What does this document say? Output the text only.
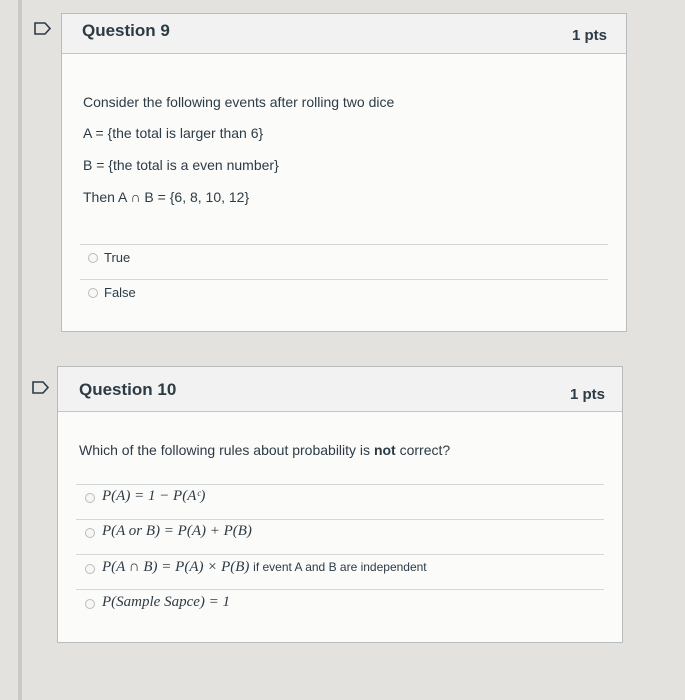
Question 9	1 pts
Consider the following events after rolling two dice
A = {the total is larger than 6}
B = {the total is a even number}
Then A ∩ B = {6, 8, 10, 12}
True
False
Question 10	1 pts
Which of the following rules about probability is not correct?
P(A) = 1 − P(Aᶜ)
P(A or B) = P(A) + P(B)
P(A ∩ B) = P(A) × P(B) if event A and B are independent
P(Sample Sapce) = 1
